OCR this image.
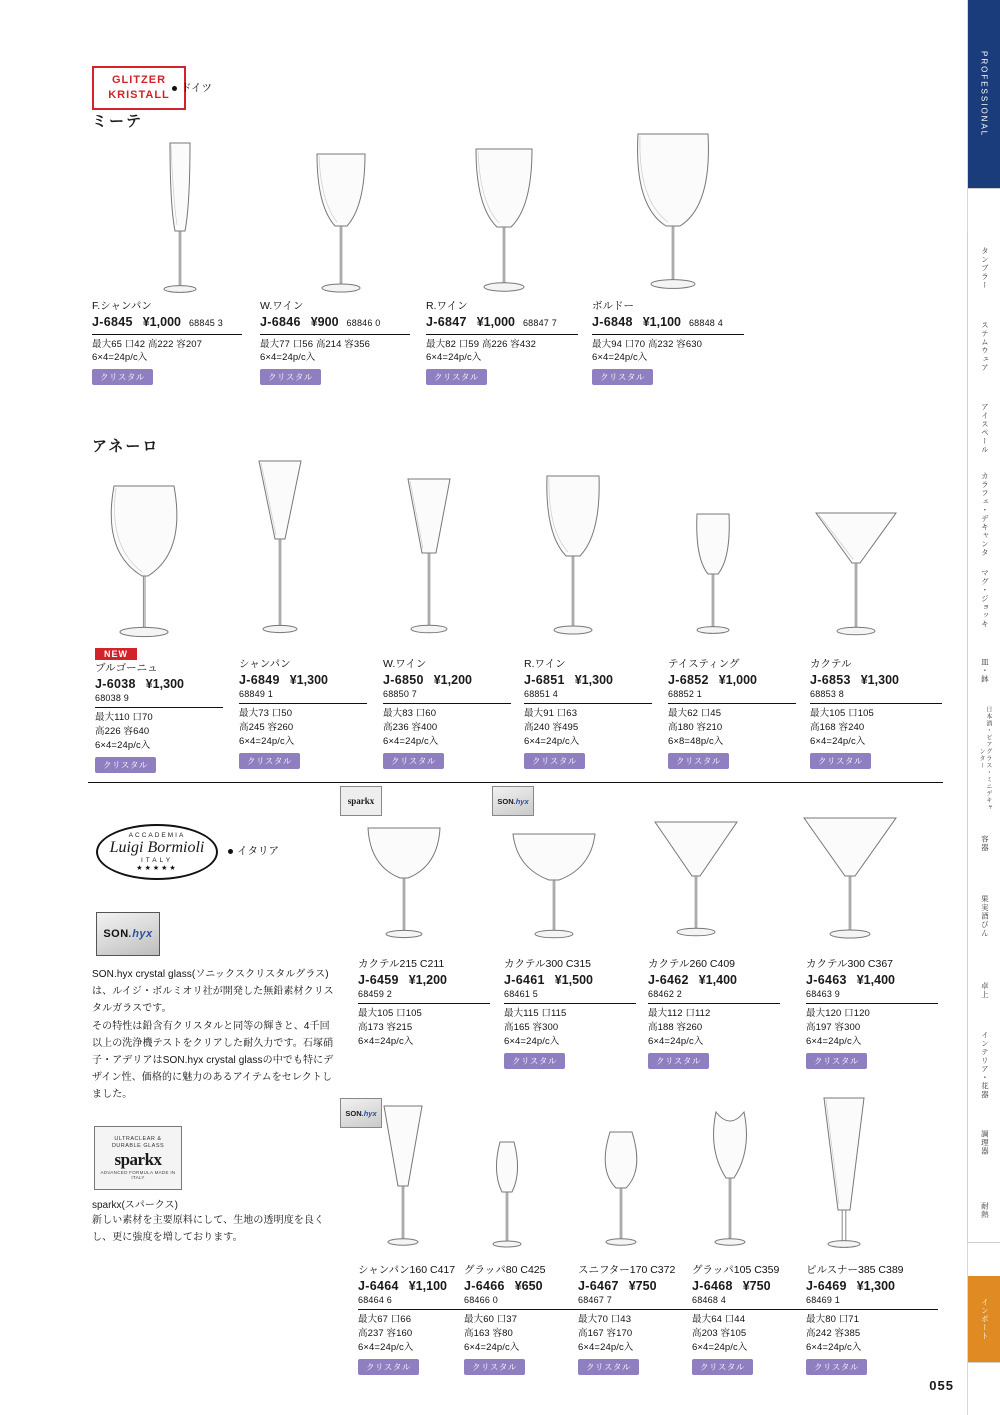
PROFESSIONAL
タンブラー
ステムウェア
アイスペール
カラフェ・デキャンタ
マグ・ジョッキ
皿・鉢
日本酒・ビアグラス・ミニデキャンター
容器
果実酒びん
卓上
インテリア・花器
調理器
耐熱
インポート
GLITZER
KRISTALL
ドイツ
ミーテ
F.シャンパン
J-6845 ¥1,000 68845 3
最大65 口42 高222 容207
6×4=24p/c入
クリスタル
W.ワイン
J-6846 ¥900 68846 0
最大77 口56 高214 容356
6×4=24p/c入
クリスタル
R.ワイン
J-6847 ¥1,000 68847 7
最大82 口59 高226 容432
6×4=24p/c入
クリスタル
ボルドー
J-6848 ¥1,100 68848 4
最大94 口70 高232 容630
6×4=24p/c入
クリスタル
アネーロ
NEW
ブルゴーニュ
J-6038 ¥1,300
68038 9
最大110 口70
高226 容640
6×4=24p/c入
クリスタル
シャンパン
J-6849 ¥1,300
68849 1
最大73 口50
高245 容260
6×4=24p/c入
クリスタル
W.ワイン
J-6850 ¥1,200
68850 7
最大83 口60
高236 容400
6×4=24p/c入
クリスタル
R.ワイン
J-6851 ¥1,300
68851 4
最大91 口63
高240 容495
6×4=24p/c入
クリスタル
テイスティング
J-6852 ¥1,000
68852 1
最大62 口45
高180 容210
6×8=48p/c入
クリスタル
カクテル
J-6853 ¥1,300
68853 8
最大105 口105
高168 容240
6×4=24p/c入
クリスタル
ACCADEMIA
Luigi Bormioli
ITALY
★★★★★
イタリア
SON.hyx
SON.hyx crystal glass(ソニックスクリスタルグラス)は、ルイジ・ボルミオリ社が開発した無鉛素材クリスタルガラスです。
その特性は鉛含有クリスタルと同等の輝きと、4千回以上の洗浄機テストをクリアした耐久力です。石塚硝子・アデリアはSON.hyx crystal glassの中でも特にデザイン性、価格的に魅力のあるアイテムをセレクトしました。
ULTRACLEAR &
DURABLE GLASS
sparkx
ADVANCED FORMULA MADE IN ITALY
sparkx(スパークス)
新しい素材を主要原料にして、生地の透明度を良くし、更に強度を増しております。
sparkx	SON.hyx
SON.hyx
カクテル215 C211
J-6459 ¥1,200
68459 2
最大105 口105
高173 容215
6×4=24p/c入
カクテル300 C315
J-6461 ¥1,500
68461 5
最大115 口115
高165 容300
6×4=24p/c入
クリスタル
カクテル260 C409
J-6462 ¥1,400
68462 2
最大112 口112
高188 容260
6×4=24p/c入
クリスタル
カクテル300 C367
J-6463 ¥1,400
68463 9
最大120 口120
高197 容300
6×4=24p/c入
クリスタル
シャンパン160 C417
J-6464 ¥1,100
68464 6
最大67 口66
高237 容160
6×4=24p/c入
クリスタル
グラッパ80 C425
J-6466 ¥650
68466 0
最大60 口37
高163 容80
6×4=24p/c入
クリスタル
スニフター170 C372
J-6467 ¥750
68467 7
最大70 口43
高167 容170
6×4=24p/c入
クリスタル
グラッパ105 C359
J-6468 ¥750
68468 4
最大64 口44
高203 容105
6×4=24p/c入
クリスタル
ピルスナー385 C389
J-6469 ¥1,300
68469 1
最大80 口71
高242 容385
6×4=24p/c入
クリスタル
055
